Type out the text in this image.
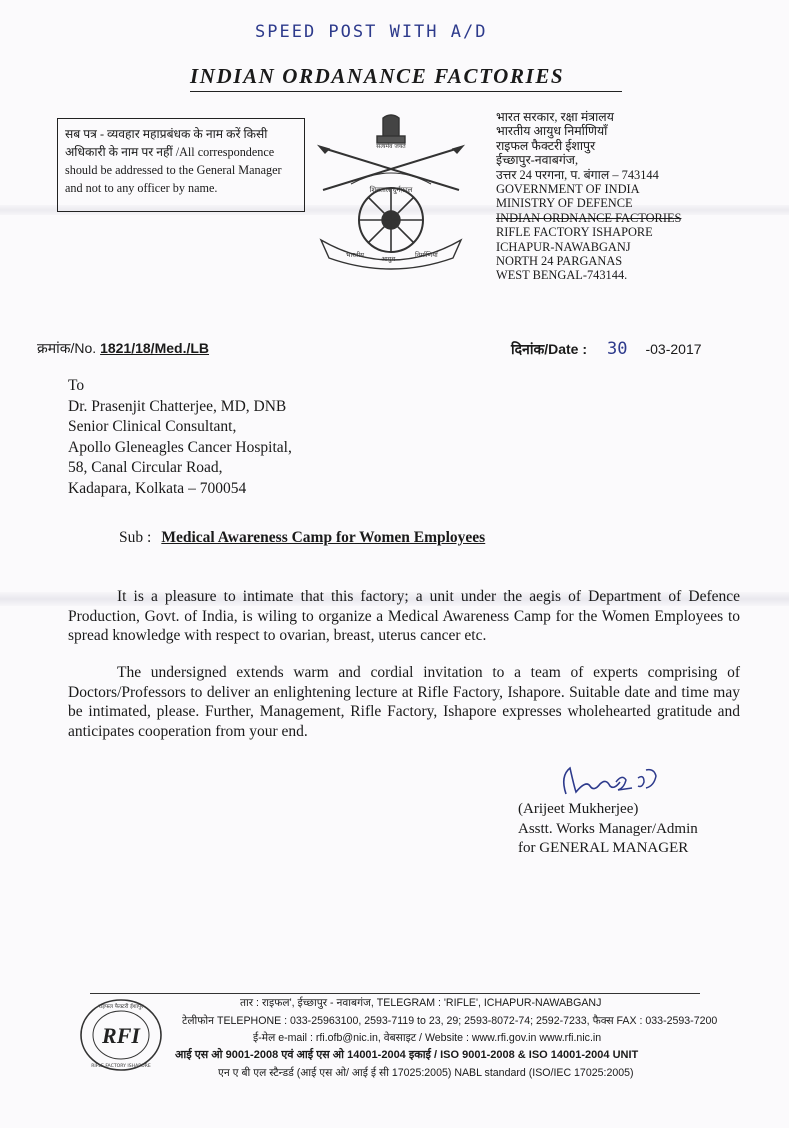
SPEED POST WITH A/D
INDIAN ORDANANCE FACTORIES
सब पत्र - व्यवहार महाप्रबंधक के नाम करें किसी अधिकारी के नाम पर नहीं /All correspondence should be addressed to the General Manager and not to any officer by name.
सत्यमेव जयते
शिवताल दुर्गफ़ाल
भारतीय	आयुध	निर्माणियाँ
भारत सरकार, रक्षा मंत्रालय
भारतीय आयुध निर्माणियाँ
राइफल फैक्टरी ईशापुर
ईच्छापुर-नवाबगंज,
उत्तर 24 परगना, प. बंगाल – 743144
GOVERNMENT OF INDIA
MINISTRY OF DEFENCE
INDIAN ORDNANCE FACTORIES
RIFLE FACTORY ISHAPORE
ICHAPUR-NAWABGANJ
NORTH 24 PARGANAS
WEST BENGAL-743144.
क्रमांक/No. 1821/18/Med./LB	दिनांक/Date : 30 -03-2017
To
Dr. Prasenjit Chatterjee, MD, DNB
Senior Clinical Consultant,
Apollo Gleneagles Cancer Hospital,
58, Canal Circular Road,
Kadapara, Kolkata – 700054
Sub : Medical Awareness Camp for Women Employees
It is a pleasure to intimate that this factory; a unit under the aegis of Department of Defence Production, Govt. of India, is wiling to organize a Medical Awareness Camp for the Women Employees to spread knowledge with respect to ovarian, breast, uterus cancer etc.
The undersigned extends warm and cordial invitation to a team of experts comprising of Doctors/Professors to deliver an enlightening lecture at Rifle Factory, Ishapore. Suitable date and time may be intimated, please. Further, Management, Rifle Factory, Ishapore expresses wholehearted gratitude and anticipates cooperation from your end.
(Arijeet Mukherjee)
Asstt. Works Manager/Admin
for GENERAL MANAGER
RFI
राइफल फैक्टरी ईशापुर
RIFLE FACTORY ISHAPORE
तार : राइफल', ईच्छापुर - नवाबगंज, TELEGRAM : 'RIFLE', ICHAPUR-NAWABGANJ
टेलीफोन TELEPHONE : 033-25963100, 2593-7119 to 23, 29; 2593-8072-74; 2592-7233, फैक्स FAX : 033-2593-7200
ई-मेल e-mail : rfi.ofb@nic.in, वेबसाइट / Website : www.rfi.gov.in www.rfi.nic.in
आई एस ओ 9001-2008 एवं आई एस ओ 14001-2004 इकाई / ISO 9001-2008 & ISO 14001-2004 UNIT
एन ए बी एल स्टैन्डर्ड (आई एस ओ/ आई ई सी 17025:2005) NABL standard (ISO/IEC 17025:2005)
